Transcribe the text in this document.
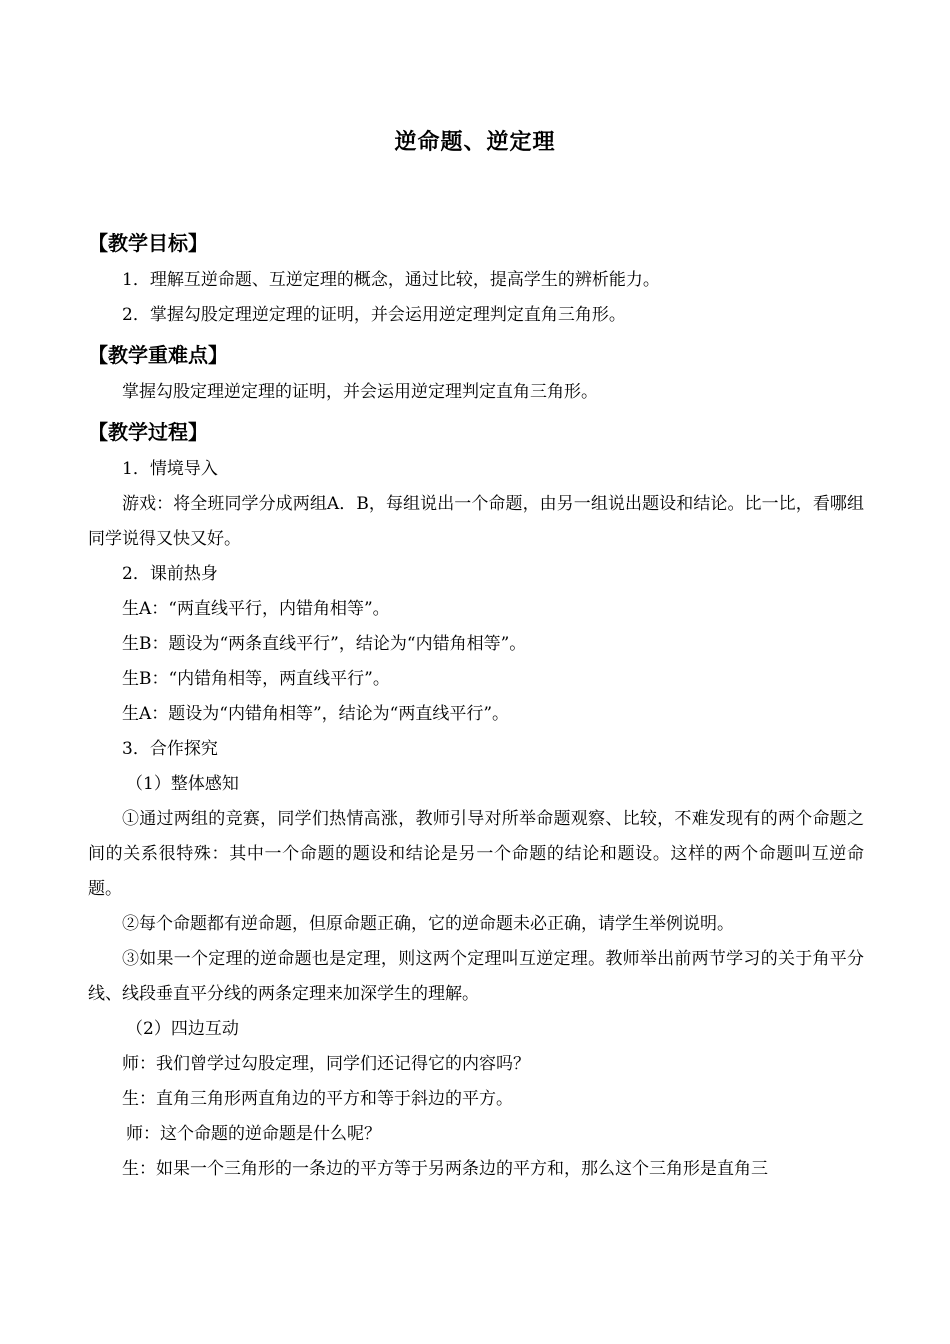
逆命题、逆定理
【教学目标】

1．理解互逆命题、互逆定理的概念，通过比较，提高学生的辨析能力。

2．掌握勾股定理逆定理的证明，并会运用逆定理判定直角三角形。

【教学重难点】

掌握勾股定理逆定理的证明，并会运用逆定理判定直角三角形。

【教学过程】

1．情境导入

游戏：将全班同学分成两组A．B，每组说出一个命题，由另一组说出题设和结论。比一比，看哪组同学说得又快又好。

2．课前热身

生A：“两直线平行，内错角相等”。

生B：题设为“两条直线平行”，结论为“内错角相等”。

生B：“内错角相等，两直线平行”。

生A：题设为“内错角相等”，结论为“两直线平行”。

3．合作探究

（1）整体感知

①通过两组的竞赛，同学们热情高涨，教师引导对所举命题观察、比较，不难发现有的两个命题之间的关系很特殊：其中一个命题的题设和结论是另一个命题的结论和题设。这样的两个命题叫互逆命题。

②每个命题都有逆命题，但原命题正确，它的逆命题未必正确，请学生举例说明。

③如果一个定理的逆命题也是定理，则这两个定理叫互逆定理。教师举出前两节学习的关于角平分线、线段垂直平分线的两条定理来加深学生的理解。

（2）四边互动

师：我们曾学过勾股定理，同学们还记得它的内容吗？

生：直角三角形两直角边的平方和等于斜边的平方。

师：这个命题的逆命题是什么呢？

生：如果一个三角形的一条边的平方等于另两条边的平方和，那么这个三角形是直角三
